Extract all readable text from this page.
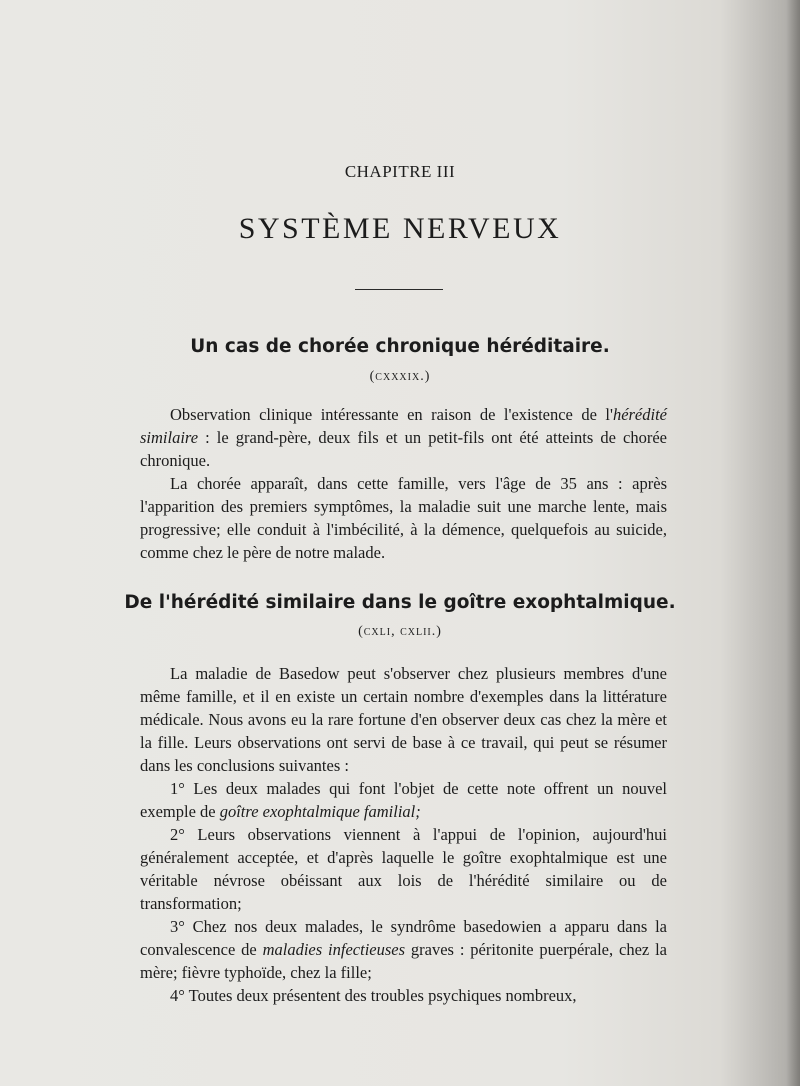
CHAPITRE III
SYSTÈME NERVEUX
Un cas de chorée chronique héréditaire.
(cxxxix.)

Observation clinique intéressante en raison de l'existence de l'hérédité similaire : le grand-père, deux fils et un petit-fils ont été atteints de chorée chronique.

La chorée apparaît, dans cette famille, vers l'âge de 35 ans : après l'apparition des premiers symptômes, la maladie suit une marche lente, mais progressive; elle conduit à l'imbécilité, à la démence, quelquefois au suicide, comme chez le père de notre malade.

De l'hérédité similaire dans le goître exophtalmique.
(cxli, cxlii.)

La maladie de Basedow peut s'observer chez plusieurs membres d'une même famille, et il en existe un certain nombre d'exemples dans la littérature médicale. Nous avons eu la rare fortune d'en observer deux cas chez la mère et la fille. Leurs observations ont servi de base à ce travail, qui peut se résumer dans les conclusions suivantes :

1° Les deux malades qui font l'objet de cette note offrent un nouvel exemple de goître exophtalmique familial;

2° Leurs observations viennent à l'appui de l'opinion, aujourd'hui généralement acceptée, et d'après laquelle le goître exophtalmique est une véritable névrose obéissant aux lois de l'hérédité similaire ou de transformation;

3° Chez nos deux malades, le syndrôme basedowien a apparu dans la convalescence de maladies infectieuses graves : péritonite puerpérale, chez la mère; fièvre typhoïde, chez la fille;

4° Toutes deux présentent des troubles psychiques nombreux,
